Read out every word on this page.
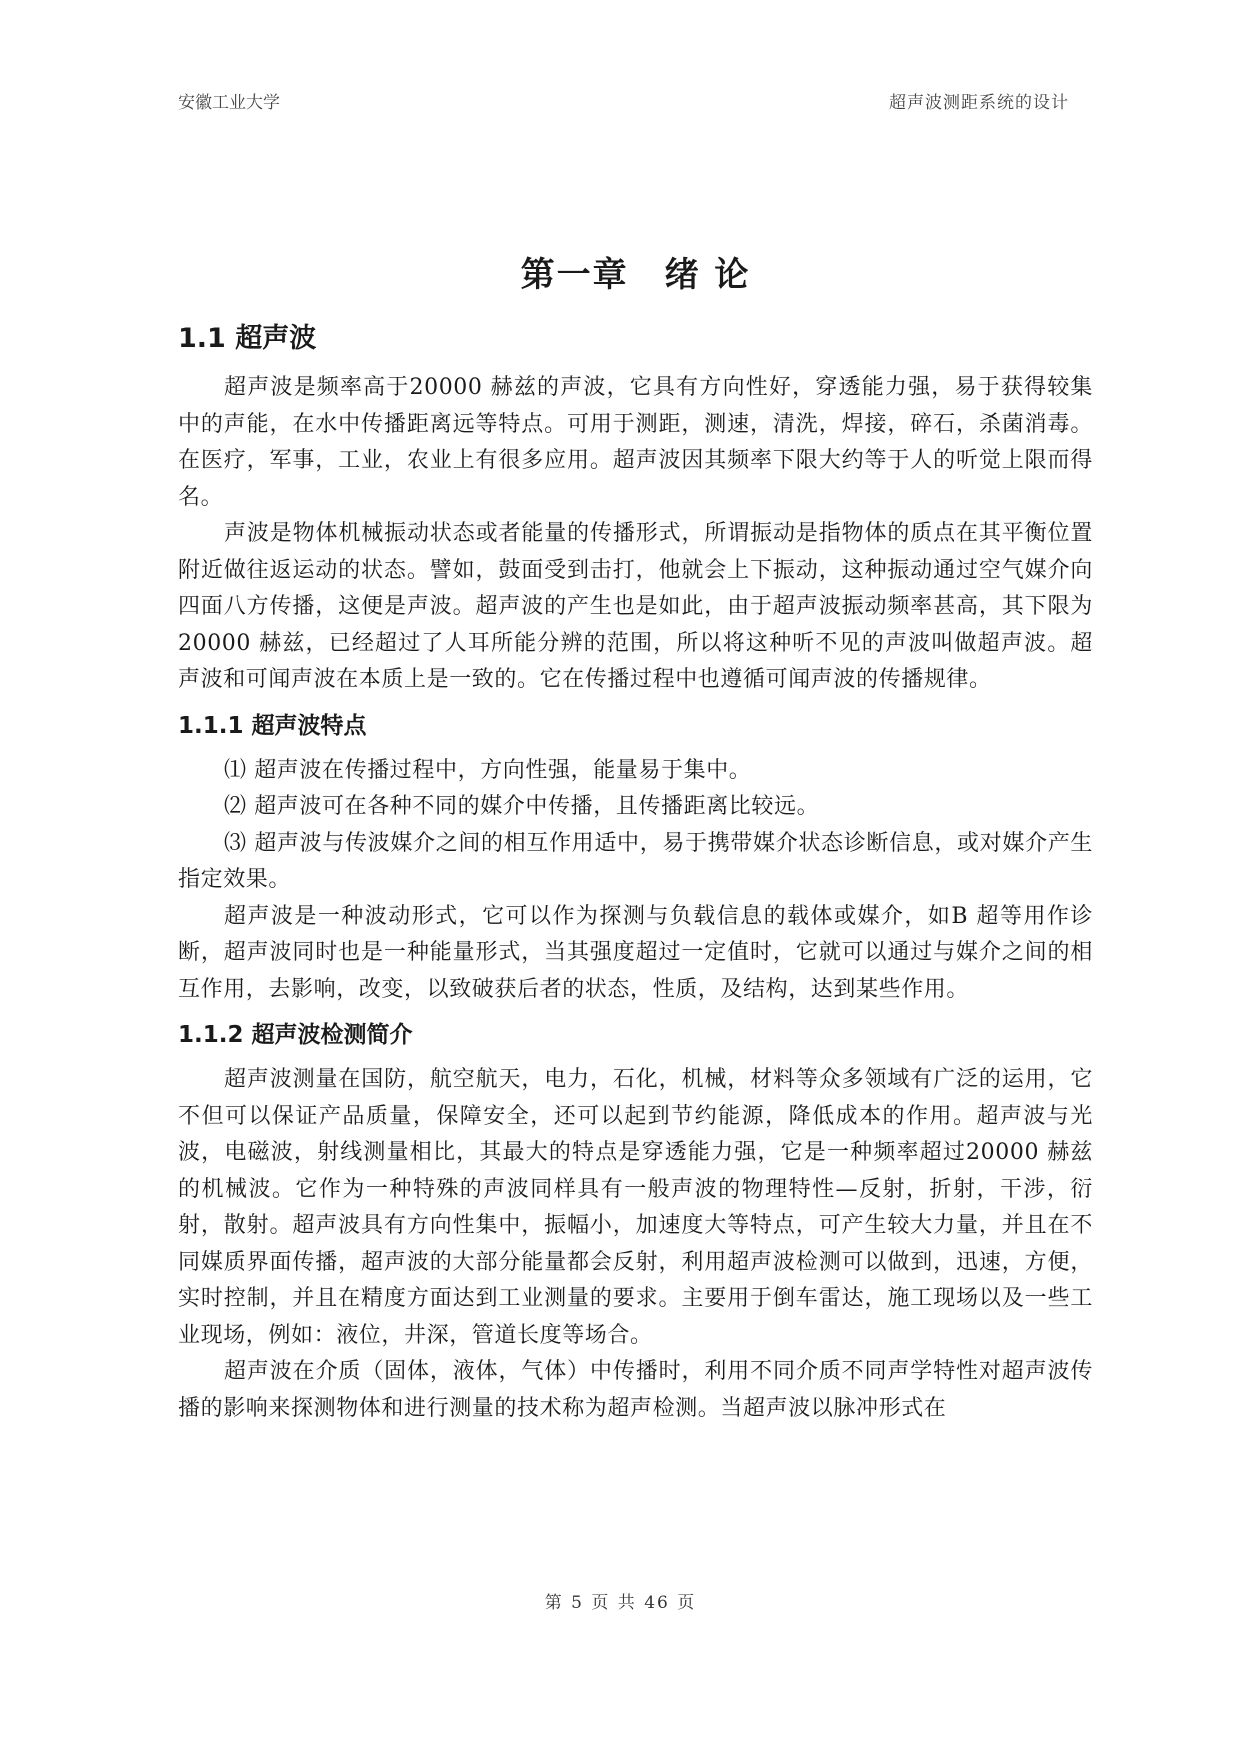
安徽工业大学	超声波测距系统的设计
第一章　绪 论
1.1 超声波

超声波是频率高于20000 赫兹的声波，它具有方向性好，穿透能力强，易于获得较集中的声能，在水中传播距离远等特点。可用于测距，测速，清洗，焊接，碎石，杀菌消毒。在医疗，军事，工业，农业上有很多应用。超声波因其频率下限大约等于人的听觉上限而得名。

声波是物体机械振动状态或者能量的传播形式，所谓振动是指物体的质点在其平衡位置附近做往返运动的状态。譬如，鼓面受到击打，他就会上下振动，这种振动通过空气媒介向四面八方传播，这便是声波。超声波的产生也是如此，由于超声波振动频率甚高，其下限为20000 赫兹，已经超过了人耳所能分辨的范围，所以将这种听不见的声波叫做超声波。超声波和可闻声波在本质上是一致的。它在传播过程中也遵循可闻声波的传播规律。

1.1.1 超声波特点

⑴ 超声波在传播过程中，方向性强，能量易于集中。

⑵ 超声波可在各种不同的媒介中传播，且传播距离比较远。

⑶ 超声波与传波媒介之间的相互作用适中，易于携带媒介状态诊断信息，或对媒介产生指定效果。

超声波是一种波动形式，它可以作为探测与负载信息的载体或媒介，如B 超等用作诊断，超声波同时也是一种能量形式，当其强度超过一定值时，它就可以通过与媒介之间的相互作用，去影响，改变，以致破获后者的状态，性质，及结构，达到某些作用。

1.1.2 超声波检测简介

超声波测量在国防，航空航天，电力，石化，机械，材料等众多领域有广泛的运用，它不但可以保证产品质量，保障安全，还可以起到节约能源，降低成本的作用。超声波与光波，电磁波，射线测量相比，其最大的特点是穿透能力强，它是一种频率超过20000 赫兹的机械波。它作为一种特殊的声波同样具有一般声波的物理特性—反射，折射，干涉，衍射，散射。超声波具有方向性集中，振幅小，加速度大等特点，可产生较大力量，并且在不同媒质界面传播，超声波的大部分能量都会反射，利用超声波检测可以做到，迅速，方便，实时控制，并且在精度方面达到工业测量的要求。主要用于倒车雷达，施工现场以及一些工业现场，例如：液位，井深，管道长度等场合。

超声波在介质（固体，液体，气体）中传播时，利用不同介质不同声学特性对超声波传播的影响来探测物体和进行测量的技术称为超声检测。当超声波以脉冲形式在

第 5 页 共 46 页
